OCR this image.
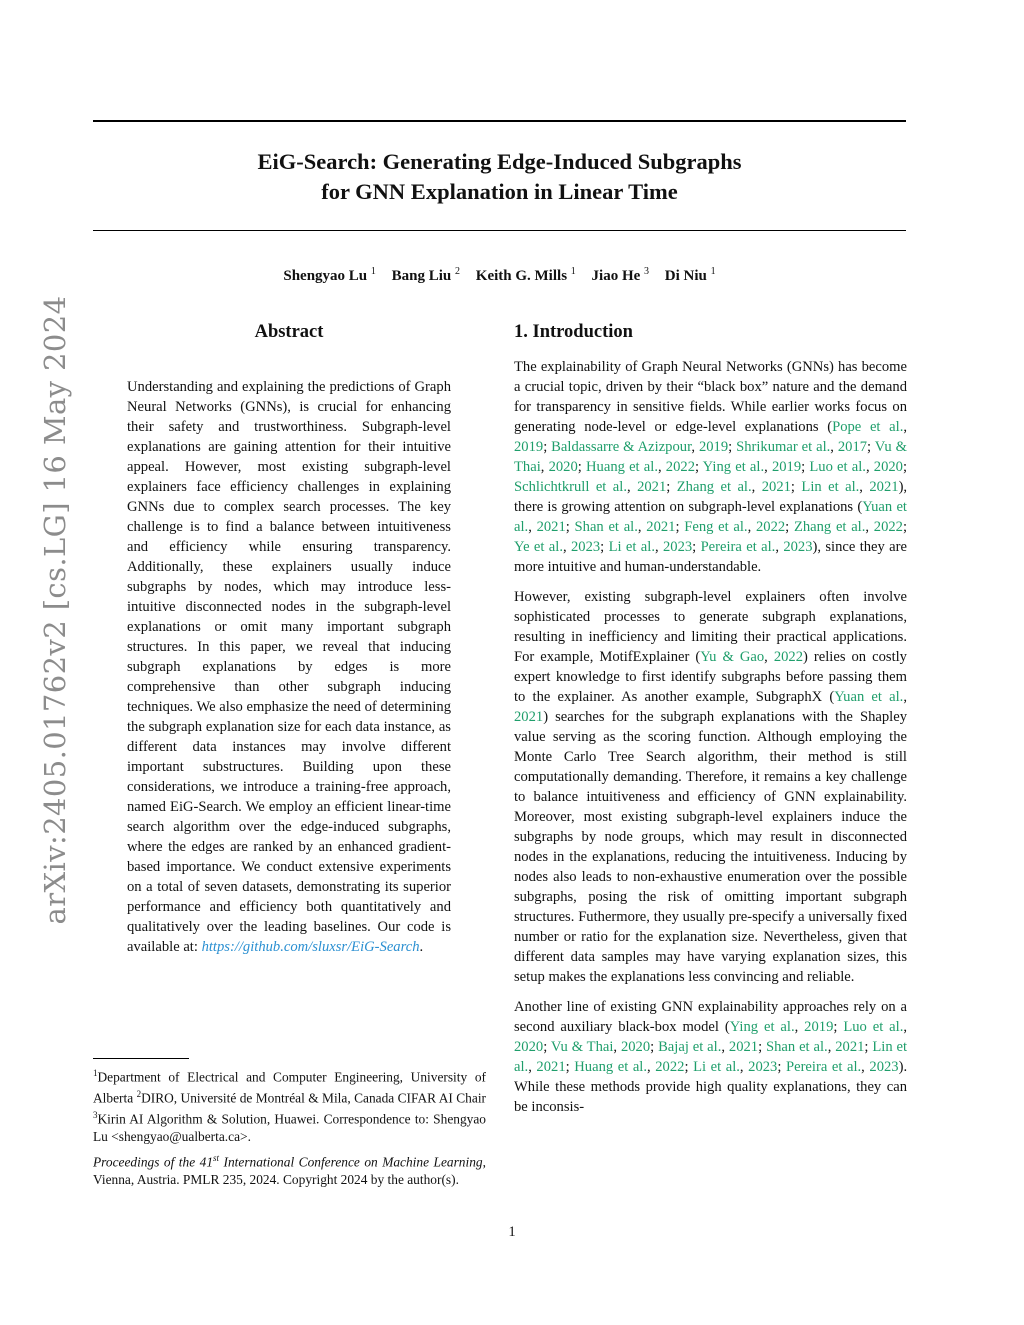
EiG-Search: Generating Edge-Induced Subgraphs
for GNN Explanation in Linear Time
Shengyao Lu $^1$ Bang Liu $^2$ Keith G. Mills $^1$ Jiao He $^3$ Di Niu $^1$
arXiv:2405.01762v2 [cs.LG] 16 May 2024	Abstract
Understanding and explaining the predictions of Graph Neural Networks (GNNs), is crucial for enhancing their safety and trustworthiness. Subgraph-level explanations are gaining attention for their intuitive appeal. However, most existing subgraph-level explainers face efficiency challenges in explaining GNNs due to complex search processes. The key challenge is to find a balance between intuitiveness and efficiency while ensuring transparency. Additionally, these explainers usually induce subgraphs by nodes, which may introduce less-intuitive disconnected nodes in the subgraph-level explanations or omit many important subgraph structures. In this paper, we reveal that inducing subgraph explanations by edges is more comprehensive than other subgraph inducing techniques. We also emphasize the need of determining the subgraph explanation size for each data instance, as different data instances may involve different important substructures. Building upon these considerations, we introduce a training-free approach, named EiG-Search. We employ an efficient linear-time search algorithm over the edge-induced subgraphs, where the edges are ranked by an enhanced gradient-based importance. We conduct extensive experiments on a total of seven datasets, demonstrating its superior performance and efficiency both quantitatively and qualitatively over the leading baselines. Our code is available at: https://github.com/sluxsr/EiG-Search.
1. Introduction

The explainability of Graph Neural Networks (GNNs) has become a crucial topic, driven by their “black box” nature and the demand for transparency in sensitive fields. While earlier works focus on generating node-level or edge-level explanations (Pope et al., 2019; Baldassarre & Azizpour, 2019; Shrikumar et al., 2017; Vu & Thai, 2020; Huang et al., 2022; Ying et al., 2019; Luo et al., 2020; Schlichtkrull et al., 2021; Zhang et al., 2021; Lin et al., 2021), there is growing attention on subgraph-level explanations (Yuan et al., 2021; Shan et al., 2021; Feng et al., 2022; Zhang et al., 2022; Ye et al., 2023; Li et al., 2023; Pereira et al., 2023), since they are more intuitive and human-understandable.

However, existing subgraph-level explainers often involve sophisticated processes to generate subgraph explanations, resulting in inefficiency and limiting their practical applications. For example, MotifExplainer (Yu & Gao, 2022) relies on costly expert knowledge to first identify subgraphs before passing them to the explainer. As another example, SubgraphX (Yuan et al., 2021) searches for the subgraph explanations with the Shapley value serving as the scoring function. Although employing the Monte Carlo Tree Search algorithm, their method is still computationally demanding. Therefore, it remains a key challenge to balance intuitiveness and efficiency of GNN explainability. Moreover, most existing subgraph-level explainers induce the subgraphs by node groups, which may result in disconnected nodes in the explanations, reducing the intuitiveness. Inducing by nodes also leads to non-exhaustive enumeration over the possible subgraphs, posing the risk of omitting important subgraph structures. Futhermore, they usually pre-specify a universally fixed number or ratio for the explanation size. Nevertheless, given that different data samples may have varying explanation sizes, this setup makes the explanations less convincing and reliable.

Another line of existing GNN explainability approaches rely on a second auxiliary black-box model (Ying et al., 2019; Luo et al., 2020; Vu & Thai, 2020; Bajaj et al., 2021; Shan et al., 2021; Lin et al., 2021; Huang et al., 2022; Li et al., 2023; Pereira et al., 2023). While these methods provide high quality explanations, they can be inconsis-

$^1$Department of Electrical and Computer Engineering, University of Alberta $^2$DIRO, Université de Montréal & Mila, Canada CIFAR AI Chair $^3$Kirin AI Algorithm & Solution, Huawei. Correspondence to: Shengyao Lu <shengyao@ualberta.ca>.
Proceedings of the 41st International Conference on Machine Learning, Vienna, Austria. PMLR 235, 2024. Copyright 2024 by the author(s).
1
